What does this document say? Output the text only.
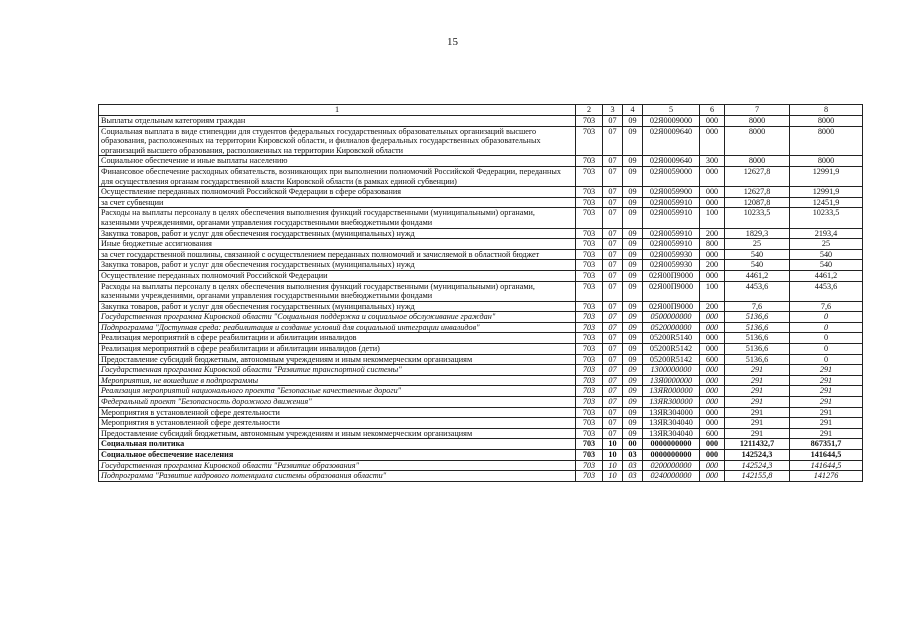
15
1	2	3	4	5	6	7	8
Выплаты отдельным категориям граждан	703	07	09	02Я0009000	000	8000	8000
Социальная выплата в виде стипендии для студентов федеральных государственных образовательных организаций высшего образования, расположенных на территории Кировской области, и филиалов федеральных государственных образовательных организаций высшего образования, расположенных на территории Кировской области	703	07	09	02Я0009640	000	8000	8000
Социальное обеспечение и иные выплаты населению	703	07	09	02Я0009640	300	8000	8000
Финансовое обеспечение расходных обязательств, возникающих при выполнении полномочий Российской Федерации, переданных для осуществления органам государственной власти Кировской области (в рамках единой субвенции)	703	07	09	02Я0059000	000	12627,8	12991,9
Осуществление переданных полномочий Российской Федерации в сфере образования	703	07	09	02Я0059900	000	12627,8	12991,9
за счет субвенции	703	07	09	02Я0059910	000	12087,8	12451,9
Расходы на выплаты персоналу в целях обеспечения выполнения функций государственными (муниципальными) органами, казенными учреждениями, органами управления государственными внебюджетными фондами	703	07	09	02Я0059910	100	10233,5	10233,5
Закупка товаров, работ и услуг для обеспечения государственных (муниципальных) нужд	703	07	09	02Я0059910	200	1829,3	2193,4
Иные бюджетные ассигнования	703	07	09	02Я0059910	800	25	25
за счет государственной пошлины, связанной с осуществлением переданных полномочий и зачисляемой в областной бюджет	703	07	09	02Я0059930	000	540	540
Закупка товаров, работ и услуг для обеспечения государственных (муниципальных) нужд	703	07	09	02Я0059930	200	540	540
Осуществление переданных полномочий Российской Федерации	703	07	09	02Я00П9000	000	4461,2	4461,2
Расходы на выплаты персоналу в целях обеспечения выполнения функций государственными (муниципальными) органами, казенными учреждениями, органами управления государственными внебюджетными фондами	703	07	09	02Я00П9000	100	4453,6	4453,6
Закупка товаров, работ и услуг для обеспечения государственных (муниципальных) нужд	703	07	09	02Я00П9000	200	7,6	7,6
Государственная программа Кировской области "Социальная поддержка и социальное обслуживание граждан"	703	07	09	0500000000	000	5136,6	0
Подпрограмма "Доступная среда: реабилитация и создание условий для социальной интеграции инвалидов"	703	07	09	0520000000	000	5136,6	0
Реализация мероприятий в сфере реабилитации и абилитации инвалидов	703	07	09	05200R5140	000	5136,6	0
Реализация мероприятий в сфере реабилитации и абилитации инвалидов (дети)	703	07	09	05200R5142	000	5136,6	0
Предоставление субсидий бюджетным, автономным учреждениям и иным некоммерческим организациям	703	07	09	05200R5142	600	5136,6	0
Государственная программа Кировской области "Развитие транспортной системы"	703	07	09	1300000000	000	291	291
Мероприятия, не вошедшие в подпрограммы	703	07	09	13Я0000000	000	291	291
Реализация мероприятий национального проекта "Безопасные качественные дороги"	703	07	09	13ЯR000000	000	291	291
Федеральный проект "Безопасность дорожного движения"	703	07	09	13ЯR300000	000	291	291
Мероприятия в установленной сфере деятельности	703	07	09	13ЯR304000	000	291	291
Мероприятия в установленной сфере деятельности	703	07	09	13ЯR304040	000	291	291
Предоставление субсидий бюджетным, автономным учреждениям и иным некоммерческим организациям	703	07	09	13ЯR304040	600	291	291
Социальная политика	703	10	00	0000000000	000	1211432,7	867351,7
Социальное обеспечение населения	703	10	03	0000000000	000	142524,3	141644,5
Государственная программа Кировской области "Развитие образования"	703	10	03	0200000000	000	142524,3	141644,5
Подпрограмма "Развитие кадрового потенциала системы образования области"	703	10	03	0240000000	000	142155,8	141276
